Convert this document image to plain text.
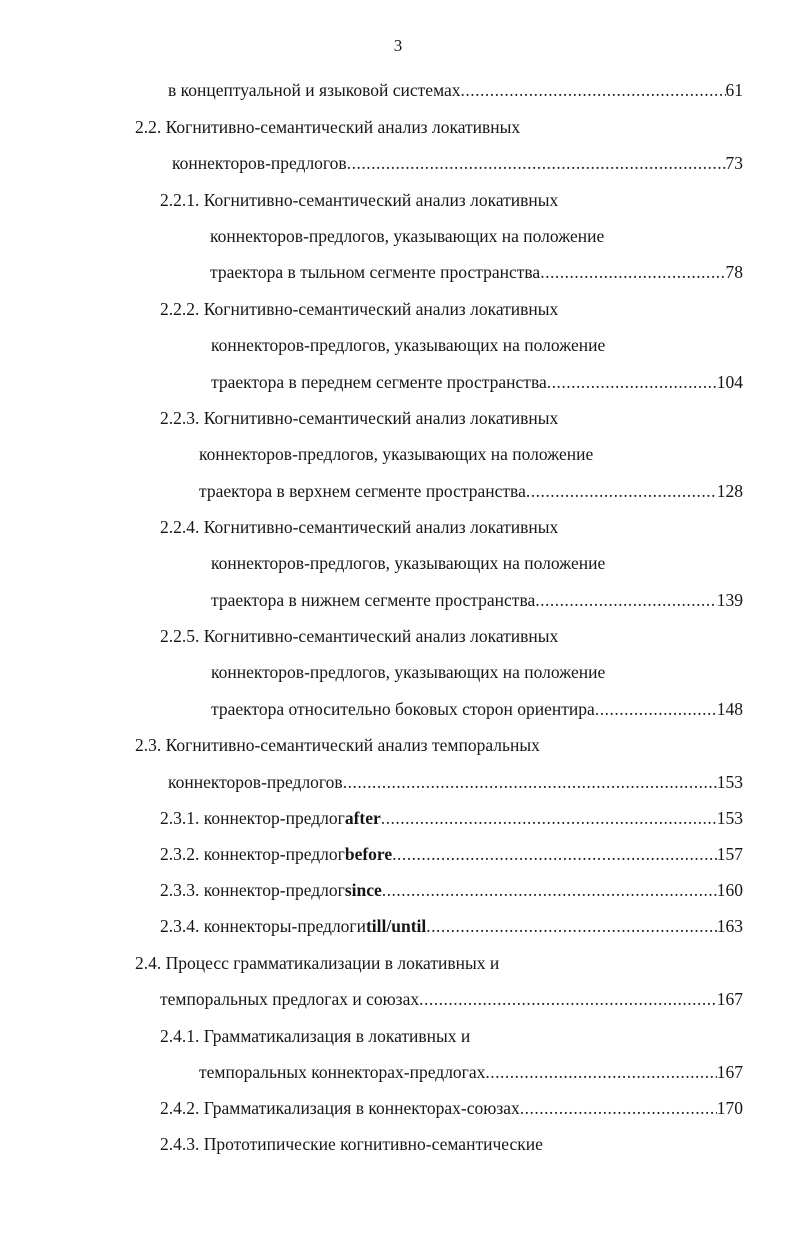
3
в концептуальной и языковой системах .....	61
2.2. Когнитивно-семантический анализ локативных
коннекторов-предлогов .....	73
2.2.1. Когнитивно-семантический анализ локативных
коннекторов-предлогов, указывающих на положение
траектора в тыльном сегменте пространства .....	78
2.2.2. Когнитивно-семантический анализ локативных
коннекторов-предлогов, указывающих на положение
траектора в переднем сегменте пространства .....	104
2.2.3. Когнитивно-семантический анализ локативных
коннекторов-предлогов, указывающих на положение
траектора в верхнем сегменте пространства .....	128
2.2.4. Когнитивно-семантический анализ локативных
коннекторов-предлогов, указывающих на положение
траектора в нижнем сегменте пространства .....	139
2.2.5. Когнитивно-семантический анализ локативных
коннекторов-предлогов, указывающих на положение
траектора относительно боковых сторон ориентира .....	148
2.3. Когнитивно-семантический анализ темпоральных
коннекторов-предлогов .....	153
2.3.1. коннектор-предлог after .....	153
2.3.2. коннектор-предлог before .....	157
2.3.3. коннектор-предлог since .....	160
2.3.4. коннекторы-предлоги till/until .....	163
2.4. Процесс грамматикализации в локативных и
темпоральных предлогах и союзах .....	167
2.4.1. Грамматикализация в локативных и
темпоральных коннекторах-предлогах .....	167
2.4.2. Грамматикализация в коннекторах-союзах .....	170
2.4.3. Прототипические когнитивно-семантические
